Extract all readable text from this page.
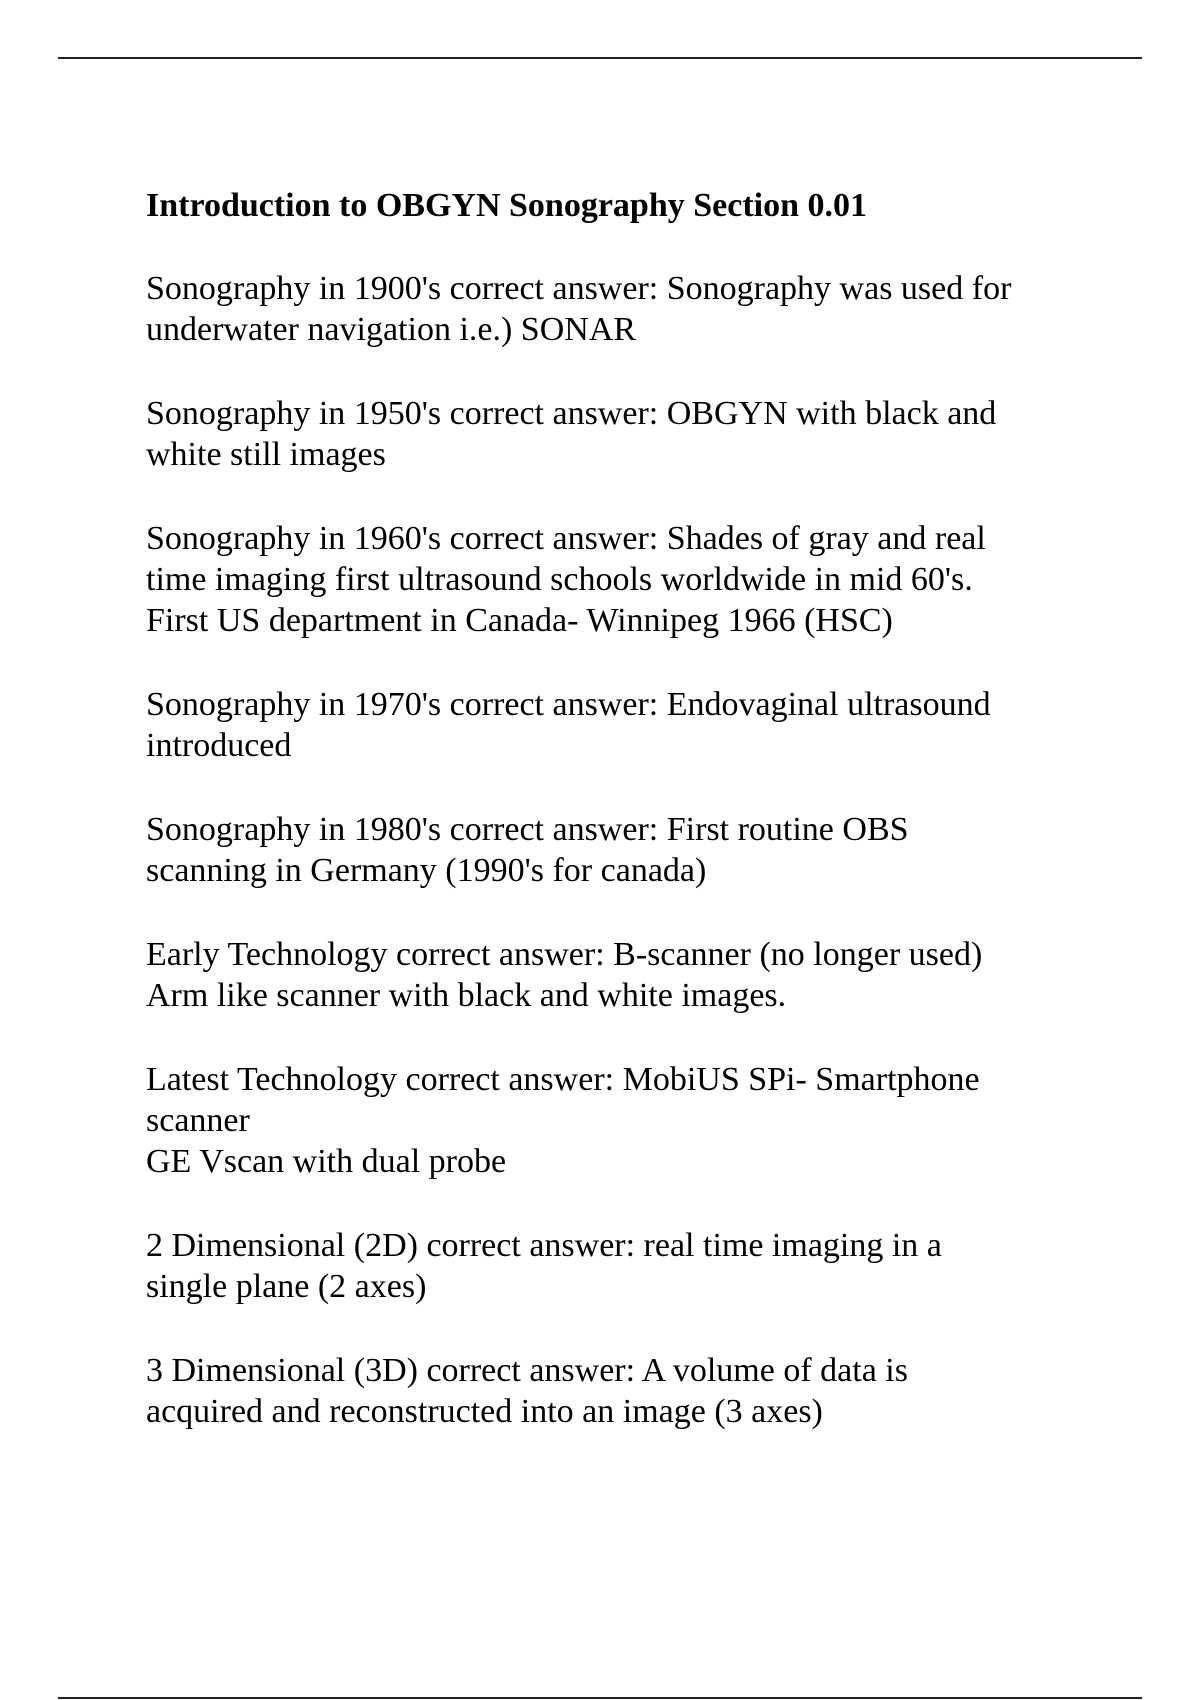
Introduction to OBGYN Sonography Section 0.01
Sonography in 1900's correct answer: Sonography was used for
underwater navigation i.e.) SONAR
Sonography in 1950's correct answer: OBGYN with black and
white still images
Sonography in 1960's correct answer: Shades of gray and real
time imaging first ultrasound schools worldwide in mid 60's.
First US department in Canada- Winnipeg 1966 (HSC)
Sonography in 1970's correct answer: Endovaginal ultrasound
introduced
Sonography in 1980's correct answer: First routine OBS
scanning in Germany (1990's for canada)
Early Technology correct answer: B-scanner (no longer used)
Arm like scanner with black and white images.
Latest Technology correct answer: MobiUS SPi- Smartphone
scanner
GE Vscan with dual probe
2 Dimensional (2D) correct answer: real time imaging in a
single plane (2 axes)
3 Dimensional (3D) correct answer: A volume of data is
acquired and reconstructed into an image (3 axes)
